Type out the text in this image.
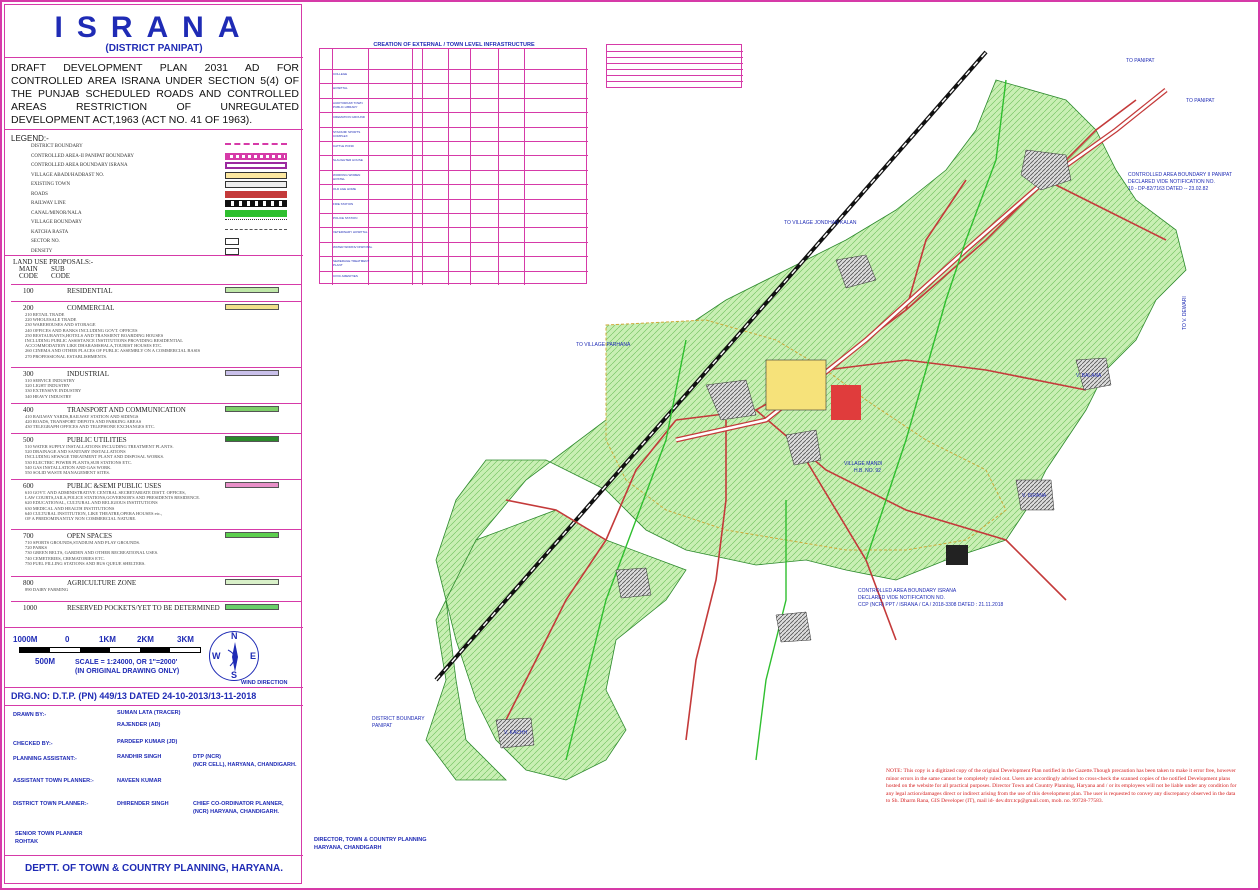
ISRANA
(DISTRICT PANIPAT)
DRAFT DEVELOPMENT PLAN 2031 AD FOR CONTROLLED AREA ISRANA UNDER SECTION 5(4) OF THE PUNJAB SCHEDULED ROADS AND CONTROLLED AREAS RESTRICTION OF UNREGULATED DEVELOPMENT ACT,1963 (ACT NO. 41 OF 1963).
LEGEND:-
DISTRICT BOUNDARY
CONTROLLED AREA-II PANIPAT BOUNDARY
CONTROLLED AREA BOUNDARY ISRANA
VILLAGE ABADI/HADBAST NO.
EXISTING TOWN
ROADS
RAILWAY LINE
CANAL/MINOR/NALA
VILLAGE BOUNDARY
KATCHA RASTA
SECTOR NO.
DENSITY
LAND USE PROPOSALS:-
MAIN CODE
SUB CODE
100	RESIDENTIAL
200	COMMERCIAL
210 RETAIL TRADE
220 WHOLESALE TRADE
230 WAREHOUSES AND STORAGE
240 OFFICES AND BANKS INCLUDING GOVT. OFFICES
250 RESTAURANTS,HOTELS AND TRANSIENT BOARDING HOUSES
INCLUDING PUBLIC ASSISTANCE INSTITUTIONS PROVIDING RESIDENTIAL
ACCOMMODATION LIKE DHARAMSHALA,TOURIST HOUSES ETC.
260 CINEMA AND OTHER PLACES OF PUBLIC ASSEMBLY ON A COMMERCIAL BASIS
270 PROFESSIONAL ESTABLISHMENTS.
300	INDUSTRIAL
310 SERVICE INDUSTRY
320 LIGHT INDUSTRY
330 EXTENSIVE INDUSTRY
340 HEAVY INDUSTRY
400	TRANSPORT AND COMMUNICATION
410 RAILWAY YARDS,RAILWAY STATION AND SIDINGS
420 ROADS, TRANSPORT DEPOTS AND PARKING AREAS
430 TELEGRAPH OFFICES AND TELEPHONE EXCHANGES ETC.
500	PUBLIC UTILITIES
510 WATER SUPPLY INSTALLATIONS INCLUDING TREATMENT PLANTS.
520 DRAINAGE AND SANITARY INSTALLATIONS
INCLUDING SEWAGE TREATMENT PLANT AND DISPOSAL WORKS.
530 ELECTRIC POWER PLANTS,SUB STATIONS ETC.
540 GAS INSTALLATION AND GAS WORK.
550 SOLID WASTE MANAGEMENT SITES.
600	PUBLIC &SEMI PUBLIC USES
610 GOVT. AND ADMINISTRATIVE CENTRAL SECRETARIATE DISTT. OFFICES,
LAW COURTS,JAILS,POLICE STATIONS,GOVERNOR'S AND PRESIDENTS RESIDENCE.
620 EDUCATIONAL, CULTURAL AND RELIGIOUS INSTITUTIONS
630 MEDICAL AND HEALTH INSTITUTIONS
640 CULTURAL INSTITUTION, LIKE THEATRE,OPERA HOUSES etc.,
OF A PREDOMINANTLY NON COMMERCIAL NATURE.
700	OPEN SPACES
710 SPORTS GROUNDS,STADIUM AND PLAY GROUNDS.
720 PARKS
730 GREEN BELTS, GARDEN AND OTHER RECREATIONAL USES.
740 CEMETERIES, CREMATORIES ETC.
750 FUEL FILLING STATIONS AND BUS QUEUE SHELTERS.
800	AGRICULTURE ZONE
890 DAIRY FARMING
1000	RESERVED POCKETS/YET TO BE DETERMINED
1000M	0	1KM	2KM	3KM
500M	SCALE = 1:24000, OR 1"=2000'
(IN ORIGINAL DRAWING ONLY)
N
S
E
W
WIND DIRECTION
DRG.NO: D.T.P. (PN) 449/13 DATED 24-10-2013/13-11-2018
DRAWN BY:-	SUMAN LATA (TRACER)
RAJENDER (AD)
CHECKED BY:-	PARDEEP KUMAR (JD)
PLANNING ASSISTANT:-	RANDHIR SINGH	DTP (NCR)
(NCR CELL), HARYANA, CHANDIGARH.
ASSISTANT TOWN PLANNER:-	NAVEEN KUMAR
DISTRICT TOWN PLANNER:-	DHIRENDER SINGH	CHIEF CO-ORDINATOR PLANNER,
(NCR) HARYANA, CHANDIGARH.
SENIOR TOWN PLANNER
ROHTAK
DEPTT. OF TOWN & COUNTRY PLANNING, HARYANA.
CREATION OF EXTERNAL / TOWN LEVEL INFRASTRUCTURE
COLLEGE
HOSPITAL
AUDITORIUM/ TOWN PUBLIC LIBRARY
CREMATION GROUND
STADIUM/ SPORTS COMPLEX
CATTLE POND
SLAUGHTER HOUSE
WORKING WOMEN HOSTEL
OLD AGE HOME
FIRE STATION
POLICE STATION
VETERINARY HOSPITAL
WATER WORKS/ DISPOSAL
SEWERAGE TREATMENT PLANT
CIVIC AMENITIES
TO PANIPAT
TO PANIPAT
CONTROLLED AREA BOUNDARY II PANIPAT
DECLARED VIDE NOTIFICATION NO.
10 - DP-82/7163 DATED -- 23.02.82
TO VILLAGE JONDHAN KALAN
TO V. DEWARI
TO VILLAGE PARHANA
VILLAGE MANDI
H.B. NO. 92
CONTROLLED AREA BOUNDARY ISRANA
DECLARED VIDE NOTIFICATION NO.
CCP (NCR) PPT / ISRANA / CA / 2018-3308 DATED : 21.11.2018
DISTRICT BOUNDARY
PANIPAT
V. BALANA
V. ISRANA
V. KACHH
DIRECTOR, TOWN & COUNTRY PLANNING
HARYANA, CHANDIGARH
NOTE: This copy is a digitized copy of the original Development Plan notified in the Gazette.Though precaution has been taken to make it error free, however minor errors in the same cannot be completely ruled out. Users are accordingly advised to cross-check the scanned copies of the notified Development plans hosted on the website for all practical purposes. Director Town and Country Planning, Haryana and / or its employees will not be liable under any condition for any legal action/damages direct or indirect arising from the use of this development plan. The user is requested to convey any discrepancy observed in the data to Sh. Dharm Rana, GIS Developer (IT), mail id- dev.dtrr.tcp@gmail.com, mob. no. 99728-77583.
